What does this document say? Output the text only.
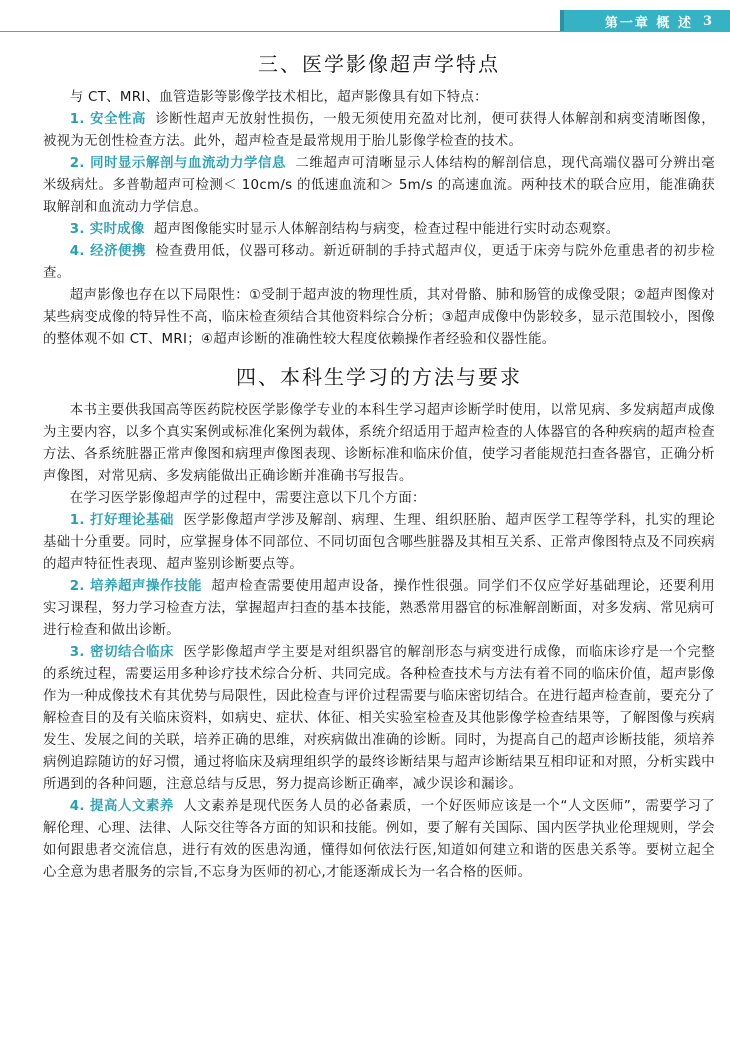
第一章 概 述 3
三、医学影像超声学特点

与 CT、MRI、血管造影等影像学技术相比，超声影像具有如下特点：

1. 安全性高 诊断性超声无放射性损伤，一般无须使用充盈对比剂，便可获得人体解剖和病变清晰图像，被视为无创性检查方法。此外，超声检查是最常规用于胎儿影像学检查的技术。

2. 同时显示解剖与血流动力学信息 二维超声可清晰显示人体结构的解剖信息，现代高端仪器可分辨出毫米级病灶。多普勒超声可检测＜ 10cm/s 的低速血流和＞ 5m/s 的高速血流。两种技术的联合应用，能准确获取解剖和血流动力学信息。

3. 实时成像 超声图像能实时显示人体解剖结构与病变，检查过程中能进行实时动态观察。

4. 经济便携 检查费用低，仪器可移动。新近研制的手持式超声仪，更适于床旁与院外危重患者的初步检查。

超声影像也存在以下局限性：①受制于超声波的物理性质，其对骨骼、肺和肠管的成像受限；②超声图像对某些病变成像的特异性不高，临床检查须结合其他资料综合分析；③超声成像中伪影较多，显示范围较小，图像的整体观不如 CT、MRI；④超声诊断的准确性较大程度依赖操作者经验和仪器性能。

四、本科生学习的方法与要求

本书主要供我国高等医药院校医学影像学专业的本科生学习超声诊断学时使用，以常见病、多发病超声成像为主要内容，以多个真实案例或标准化案例为载体，系统介绍适用于超声检查的人体器官的各种疾病的超声检查方法、各系统脏器正常声像图和病理声像图表现、诊断标准和临床价值，使学习者能规范扫查各器官，正确分析声像图，对常见病、多发病能做出正确诊断并准确书写报告。

在学习医学影像超声学的过程中，需要注意以下几个方面：

1. 打好理论基础 医学影像超声学涉及解剖、病理、生理、组织胚胎、超声医学工程等学科，扎实的理论基础十分重要。同时，应掌握身体不同部位、不同切面包含哪些脏器及其相互关系、正常声像图特点及不同疾病的超声特征性表现、超声鉴别诊断要点等。

2. 培养超声操作技能 超声检查需要使用超声设备，操作性很强。同学们不仅应学好基础理论，还要利用实习课程，努力学习检查方法，掌握超声扫查的基本技能，熟悉常用器官的标准解剖断面，对多发病、常见病可进行检查和做出诊断。

3. 密切结合临床 医学影像超声学主要是对组织器官的解剖形态与病变进行成像，而临床诊疗是一个完整的系统过程，需要运用多种诊疗技术综合分析、共同完成。各种检查技术与方法有着不同的临床价值，超声影像作为一种成像技术有其优势与局限性，因此检查与评价过程需要与临床密切结合。在进行超声检查前，要充分了解检查目的及有关临床资料，如病史、症状、体征、相关实验室检查及其他影像学检查结果等，了解图像与疾病发生、发展之间的关联，培养正确的思维，对疾病做出准确的诊断。同时，为提高自己的超声诊断技能，须培养病例追踪随访的好习惯，通过将临床及病理组织学的最终诊断结果与超声诊断结果互相印证和对照，分析实践中所遇到的各种问题，注意总结与反思，努力提高诊断正确率，减少误诊和漏诊。

4. 提高人文素养 人文素养是现代医务人员的必备素质，一个好医师应该是一个“人文医师”，需要学习了解伦理、心理、法律、人际交往等各方面的知识和技能。例如，要了解有关国际、国内医学执业伦理规则，学会如何跟患者交流信息，进行有效的医患沟通，懂得如何依法行医,知道如何建立和谐的医患关系等。要树立起全心全意为患者服务的宗旨,不忘身为医师的初心,才能逐渐成长为一名合格的医师。
